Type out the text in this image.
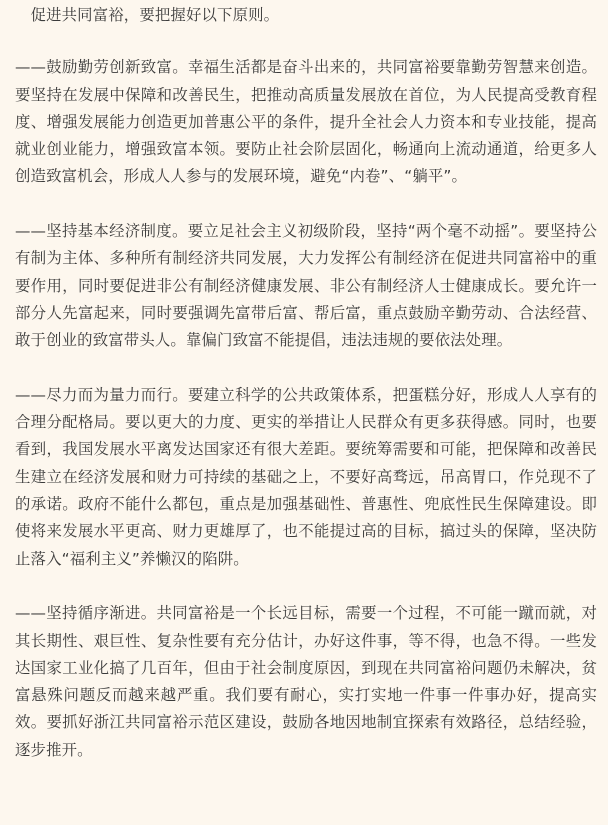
　促进共同富裕，要把握好以下原则。

——鼓励勤劳创新致富。幸福生活都是奋斗出来的，共同富裕要靠勤劳智慧来创造。要坚持在发展中保障和改善民生，把推动高质量发展放在首位，为人民提高受教育程度、增强发展能力创造更加普惠公平的条件，提升全社会人力资本和专业技能，提高就业创业能力，增强致富本领。要防止社会阶层固化，畅通向上流动通道，给更多人创造致富机会，形成人人参与的发展环境，避免“内卷”、“躺平”。

——坚持基本经济制度。要立足社会主义初级阶段，坚持“两个毫不动摇”。要坚持公有制为主体、多种所有制经济共同发展，大力发挥公有制经济在促进共同富裕中的重要作用，同时要促进非公有制经济健康发展、非公有制经济人士健康成长。要允许一部分人先富起来，同时要强调先富带后富、帮后富，重点鼓励辛勤劳动、合法经营、敢于创业的致富带头人。靠偏门致富不能提倡，违法违规的要依法处理。

——尽力而为量力而行。要建立科学的公共政策体系，把蛋糕分好，形成人人享有的合理分配格局。要以更大的力度、更实的举措让人民群众有更多获得感。同时，也要看到，我国发展水平离发达国家还有很大差距。要统筹需要和可能，把保障和改善民生建立在经济发展和财力可持续的基础之上，不要好高骛远，吊高胃口，作兑现不了的承诺。政府不能什么都包，重点是加强基础性、普惠性、兜底性民生保障建设。即使将来发展水平更高、财力更雄厚了，也不能提过高的目标，搞过头的保障，坚决防止落入“福利主义”养懒汉的陷阱。

——坚持循序渐进。共同富裕是一个长远目标，需要一个过程，不可能一蹴而就，对其长期性、艰巨性、复杂性要有充分估计，办好这件事，等不得，也急不得。一些发达国家工业化搞了几百年，但由于社会制度原因，到现在共同富裕问题仍未解决，贫富悬殊问题反而越来越严重。我们要有耐心，实打实地一件事一件事办好，提高实效。要抓好浙江共同富裕示范区建设，鼓励各地因地制宜探索有效路径，总结经验，逐步推开。
